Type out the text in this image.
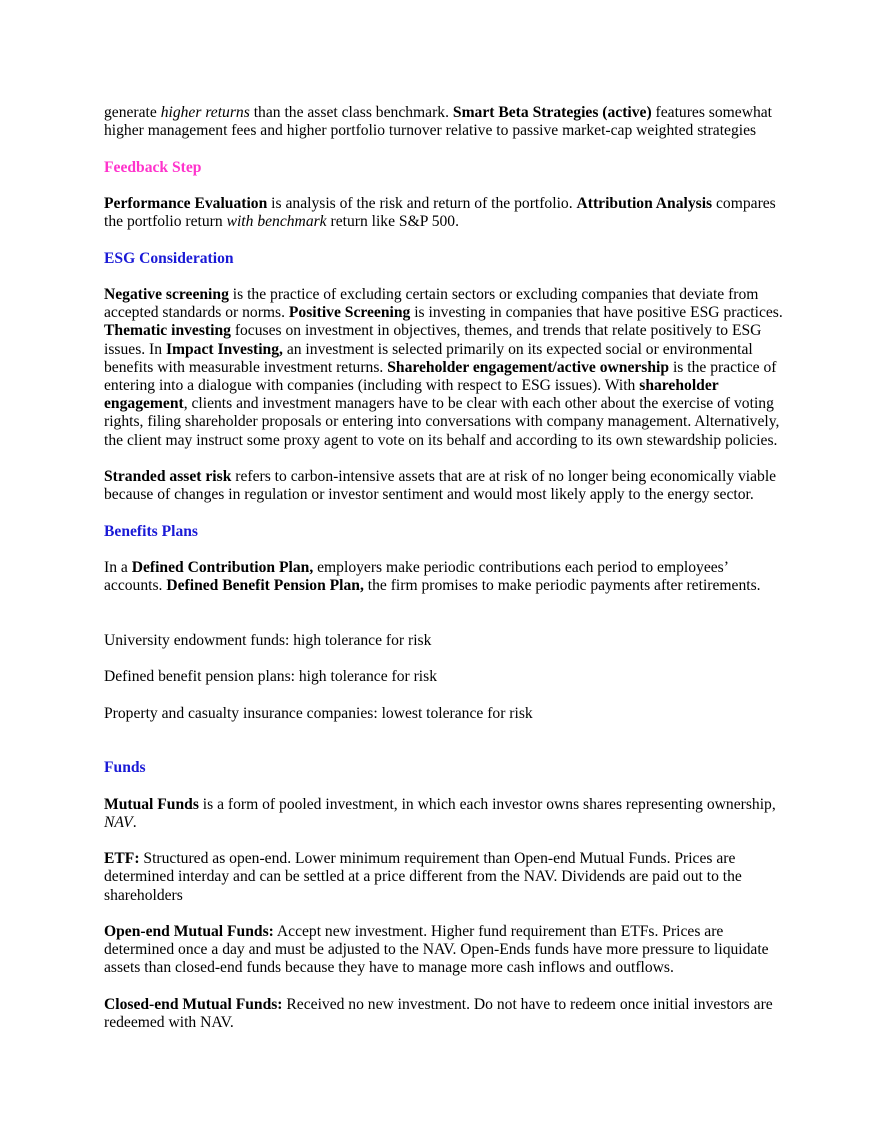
generate higher returns than the asset class benchmark. Smart Beta Strategies (active) features somewhat higher management fees and higher portfolio turnover relative to passive market-cap weighted strategies

Feedback Step

Performance Evaluation is analysis of the risk and return of the portfolio. Attribution Analysis compares the portfolio return with benchmark return like S&P 500.

ESG Consideration

Negative screening is the practice of excluding certain sectors or excluding companies that deviate from accepted standards or norms. Positive Screening is investing in companies that have positive ESG practices. Thematic investing focuses on investment in objectives, themes, and trends that relate positively to ESG issues. In Impact Investing, an investment is selected primarily on its expected social or environmental benefits with measurable investment returns. Shareholder engagement/active ownership is the practice of entering into a dialogue with companies (including with respect to ESG issues). With shareholder engagement, clients and investment managers have to be clear with each other about the exercise of voting rights, filing shareholder proposals or entering into conversations with company management. Alternatively, the client may instruct some proxy agent to vote on its behalf and according to its own stewardship policies.

Stranded asset risk refers to carbon-intensive assets that are at risk of no longer being economically viable because of changes in regulation or investor sentiment and would most likely apply to the energy sector.

Benefits Plans

In a Defined Contribution Plan, employers make periodic contributions each period to employees’ accounts. Defined Benefit Pension Plan, the firm promises to make periodic payments after retirements.

University endowment funds: high tolerance for risk

Defined benefit pension plans: high tolerance for risk

Property and casualty insurance companies: lowest tolerance for risk

Funds

Mutual Funds is a form of pooled investment, in which each investor owns shares representing ownership, NAV.

ETF: Structured as open-end. Lower minimum requirement than Open-end Mutual Funds. Prices are determined interday and can be settled at a price different from the NAV. Dividends are paid out to the shareholders

Open-end Mutual Funds: Accept new investment. Higher fund requirement than ETFs. Prices are determined once a day and must be adjusted to the NAV. Open-Ends funds have more pressure to liquidate assets than closed-end funds because they have to manage more cash inflows and outflows.

Closed-end Mutual Funds: Received no new investment. Do not have to redeem once initial investors are redeemed with NAV.
